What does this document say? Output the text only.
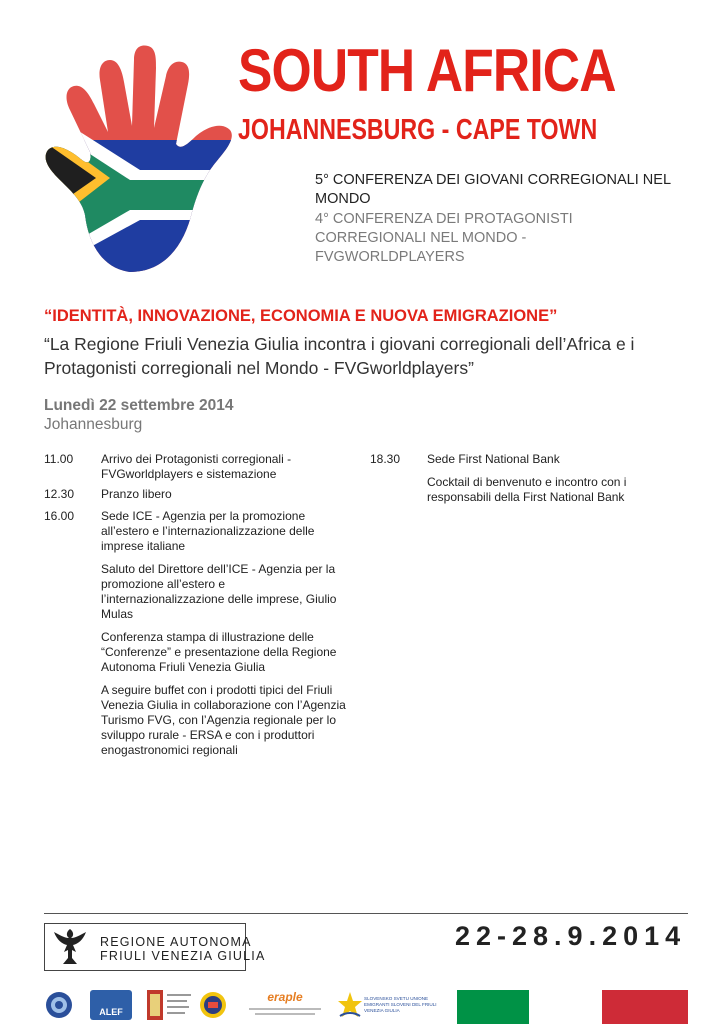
SOUTH AFRICA
JOHANNESBURG - CAPE TOWN
5° CONFERENZA DEI GIOVANI CORREGIONALI NEL MONDO
4° CONFERENZA DEI PROTAGONISTI CORREGIONALI NEL MONDO - FVGWORLDPLAYERS
“IDENTITÀ, INNOVAZIONE, ECONOMIA E NUOVA EMIGRAZIONE”
“La Regione Friuli Venezia Giulia incontra i giovani corregionali dell’Africa e i Protagonisti corregionali nel Mondo - FVGworldplayers”
Lunedì 22 settembre 2014
Johannesburg
11.00	Arrivo dei Protagonisti corregionali - FVGworldplayers e sistemazione
12.30	Pranzo libero
16.00	Sede ICE - Agenzia per la promozione all’estero e l’internazionalizzazione delle imprese italiane
Saluto del Direttore dell’ICE - Agenzia per la promozione all’estero e l’internazionalizzazione delle imprese, Giulio Mulas
Conferenza stampa di illustrazione delle “Conferenze” e presentazione della Regione Autonoma Friuli Venezia Giulia
A seguire buffet con i prodotti tipici del Friuli Venezia Giulia in collaborazione con l’Agenzia Turismo FVG, con l’Agenzia regionale per lo sviluppo rurale - ERSA e con i produttori enogastronomici regionali
18.30	Sede First National Bank
Cocktail di benvenuto e incontro con i responsabili della First National Bank
REGIONE AUTONOMA
FRIULI VENEZIA GIULIA
22-28.9.2014
ALEF
eraple	SLOVENSKO SVETU UNIONE EMIGRANTI SLOVENI DEL FRIULI VENEZIA GIULIA
